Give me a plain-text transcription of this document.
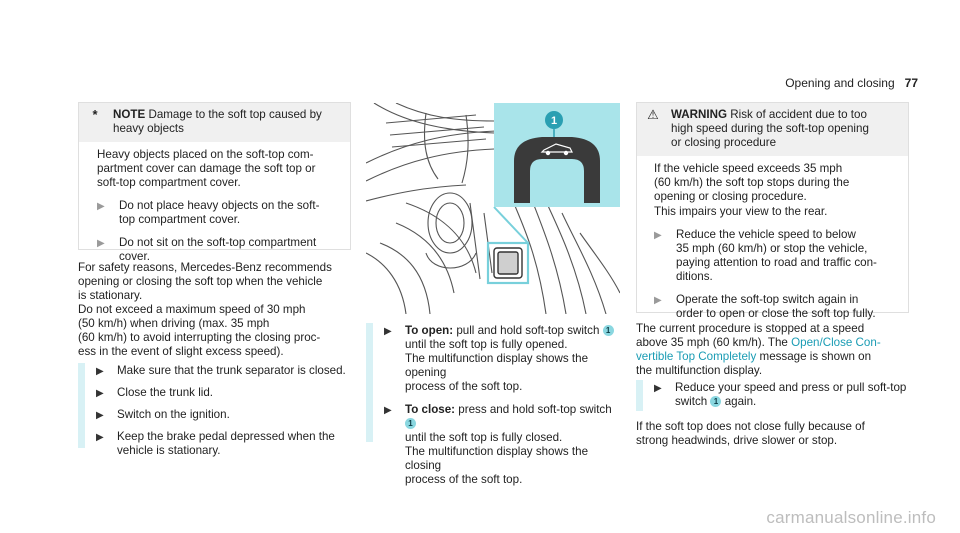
Opening and closing 77
*	NOTE Damage to the soft top caused by

heavy objects

Heavy objects placed on the soft-top com-

partment cover can damage the soft top or

soft-top compartment cover.

▶ Do not place heavy objects on the soft-

top compartment cover.

▶ Do not sit on the soft-top compartment

cover.

For safety reasons, Mercedes-Benz recommends

opening or closing the soft top when the vehicle

is stationary.

Do not exceed a maximum speed of 30 mph

(50 km/h) when driving (max. 35 mph

(60 km/h) to avoid interrupting the closing proc-

ess in the event of slight excess speed).

▶ Make sure that the trunk separator is closed.

▶ Close the trunk lid.

▶ Switch on the ignition.

▶ Keep the brake pedal depressed when the

vehicle is stationary.

1
▶ To open: pull and hold soft-top switch 1

until the soft top is fully opened.

The multifunction display shows the opening

process of the soft top.

▶ To close: press and hold soft-top switch 1

until the soft top is fully closed.

The multifunction display shows the closing

process of the soft top.

⚠ WARNING Risk of accident due to too

high speed during the soft-top opening

or closing procedure

If the vehicle speed exceeds 35 mph

(60 km/h) the soft top stops during the

opening or closing procedure.

This impairs your view to the rear.

▶ Reduce the vehicle speed to below

35 mph (60 km/h) or stop the vehicle,

paying attention to road and traffic con-

ditions.

▶ Operate the soft-top switch again in

order to open or close the soft top fully.

The current procedure is stopped at a speed

above 35 mph (60 km/h). The Open/Close Con-

vertible Top Completely message is shown on

the multifunction display.

▶ Reduce your speed and press or pull soft-top

switch 1 again.

If the soft top does not close fully because of

strong headwinds, drive slower or stop.

carmanualsonline.info
